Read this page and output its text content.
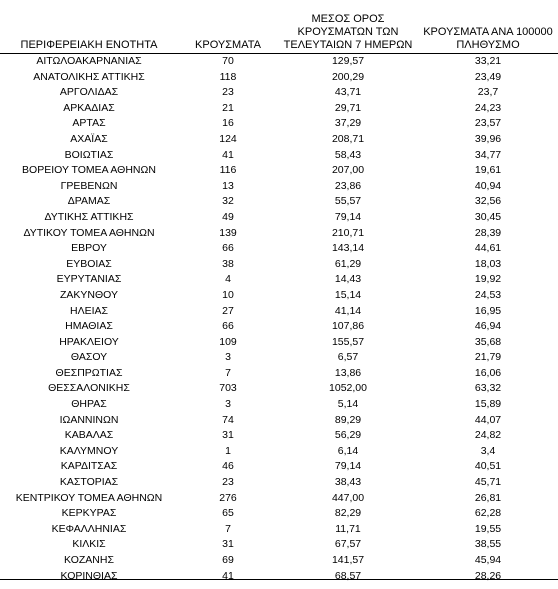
ΠΕΡΙΦΕΡΕΙΑΚΗ ΕΝΟΤΗΤΑ	ΚΡΟΥΣΜΑΤΑ
ΜΕΣΟΣ ΟΡΟΣ
ΚΡΟΥΣΜΑΤΩΝ ΤΩΝ
ΤΕΛΕΥΤΑΙΩΝ 7 ΗΜΕΡΩΝ
ΚΡΟΥΣΜΑΤΑ ΑΝΑ 100000
ΠΛΗΘΥΣΜΟ
ΑΙΤΩΛΟΑΚΑΡΝΑΝΙΑΣ	70	129,57	33,21
ΑΝΑΤΟΛΙΚΗΣ ΑΤΤΙΚΗΣ	118	200,29	23,49
ΑΡΓΟΛΙΔΑΣ	23	43,71	23,7
ΑΡΚΑΔΙΑΣ	21	29,71	24,23
ΑΡΤΑΣ	16	37,29	23,57
ΑΧΑΪΑΣ	124	208,71	39,96
ΒΟΙΩΤΙΑΣ	41	58,43	34,77
ΒΟΡΕΙΟΥ ΤΟΜΕΑ ΑΘΗΝΩΝ	116	207,00	19,61
ΓΡΕΒΕΝΩΝ	13	23,86	40,94
ΔΡΑΜΑΣ	32	55,57	32,56
ΔΥΤΙΚΗΣ ΑΤΤΙΚΗΣ	49	79,14	30,45
ΔΥΤΙΚΟΥ ΤΟΜΕΑ ΑΘΗΝΩΝ	139	210,71	28,39
ΕΒΡΟΥ	66	143,14	44,61
ΕΥΒΟΙΑΣ	38	61,29	18,03
ΕΥΡΥΤΑΝΙΑΣ	4	14,43	19,92
ΖΑΚΥΝΘΟΥ	10	15,14	24,53
ΗΛΕΙΑΣ	27	41,14	16,95
ΗΜΑΘΙΑΣ	66	107,86	46,94
ΗΡΑΚΛΕΙΟΥ	109	155,57	35,68
ΘΑΣΟΥ	3	6,57	21,79
ΘΕΣΠΡΩΤΙΑΣ	7	13,86	16,06
ΘΕΣΣΑΛΟΝΙΚΗΣ	703	1052,00	63,32
ΘΗΡΑΣ	3	5,14	15,89
ΙΩΑΝΝΙΝΩΝ	74	89,29	44,07
ΚΑΒΑΛΑΣ	31	56,29	24,82
ΚΑΛΥΜΝΟΥ	1	6,14	3,4
ΚΑΡΔΙΤΣΑΣ	46	79,14	40,51
ΚΑΣΤΟΡΙΑΣ	23	38,43	45,71
ΚΕΝΤΡΙΚΟΥ ΤΟΜΕΑ ΑΘΗΝΩΝ	276	447,00	26,81
ΚΕΡΚΥΡΑΣ	65	82,29	62,28
ΚΕΦΑΛΛΗΝΙΑΣ	7	11,71	19,55
ΚΙΛΚΙΣ	31	67,57	38,55
ΚΟΖΑΝΗΣ	69	141,57	45,94
ΚΟΡΙΝΘΙΑΣ	41	68,57	28,26
